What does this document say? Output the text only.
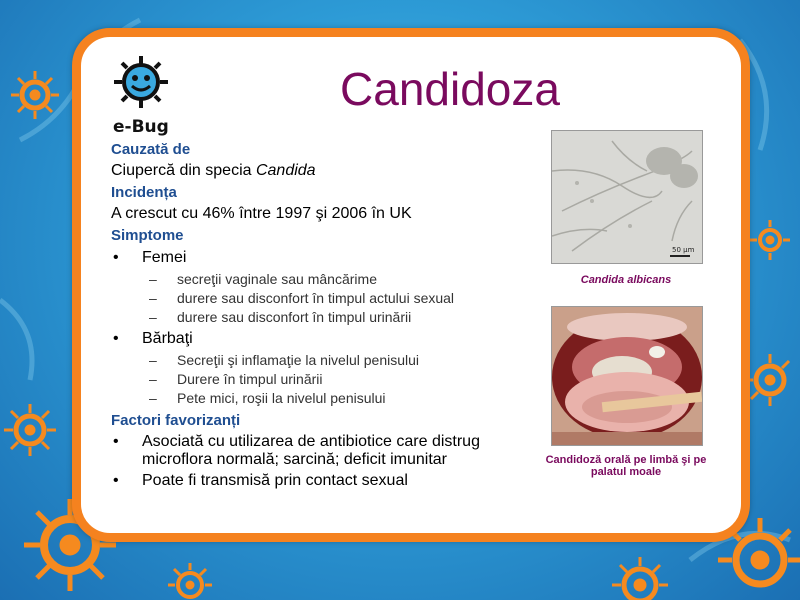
e-Bug
Candidoza
Cauzată de
Ciupercă din specia Candida
Incidența
A crescut cu 46% între 1997 şi 2006 în UK
Simptome
• Femei
– secreţii vaginale sau mâncărime
– durere sau disconfort în timpul actului sexual
– durere sau disconfort în timpul urinării
• Bărbaţi
– Secreţii şi inflamaţie la nivelul penisului
– Durere în timpul urinării
– Pete mici, roşii la nivelul penisului
Factori favorizanți
• Asociată cu utilizarea de antibiotice care distrug microflora normală; sarcină; deficit imunitar
• Poate fi transmisă prin contact sexual
50 µm
Candida albicans
Candidoză orală pe limbă şi pe palatul moale
